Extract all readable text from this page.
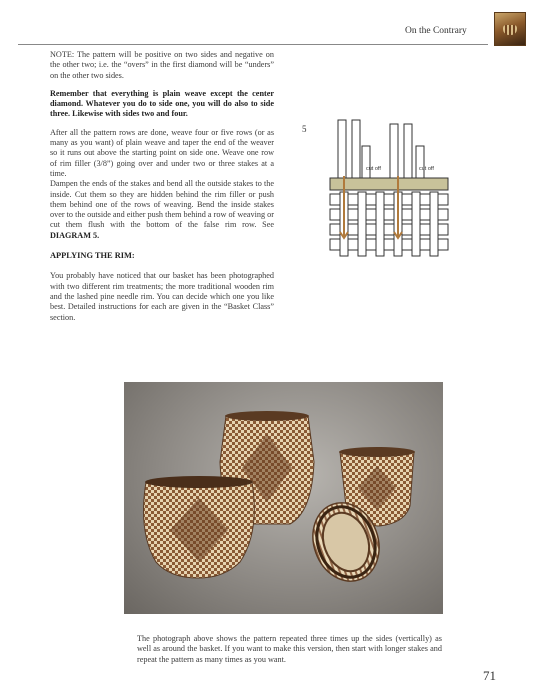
On the Contrary

NOTE: The pattern will be positive on two sides and negative on the other two; i.e. the “overs” in the first diamond will be “unders” on the other two sides.

Remember that everything is plain weave except the center diamond. Whatever you do to side one, you will do also to side three. Likewise with sides two and four.

After all the pattern rows are done, weave four or five rows (or as many as you want) of plain weave and taper the end of the weaver so it runs out above the starting point on side one. Weave one row of rim filler (3/8”) going over and under two or three stakes at a time.

Dampen the ends of the stakes and bend all the outside stakes to the inside. Cut them so they are hidden behind the rim filler or push them behind one of the rows of weaving. Bend the inside stakes over to the outside and either push them behind a row of weaving or cut them flush with the bottom of the false rim row. See DIAGRAM 5.

APPLYING THE RIM:

You probably have noticed that our basket has been photographed with two different rim treatments; the more traditional wooden rim and the lashed pine needle rim. You can decide which one you like best. Detailed instructions for each are given in the “Basket Class” section.

5
cut off	cut off

The photograph above shows the pattern repeated three times up the sides (vertically) as well as around the basket. If you want to make this version, then start with longer stakes and repeat the pattern as many times as you want.

71
